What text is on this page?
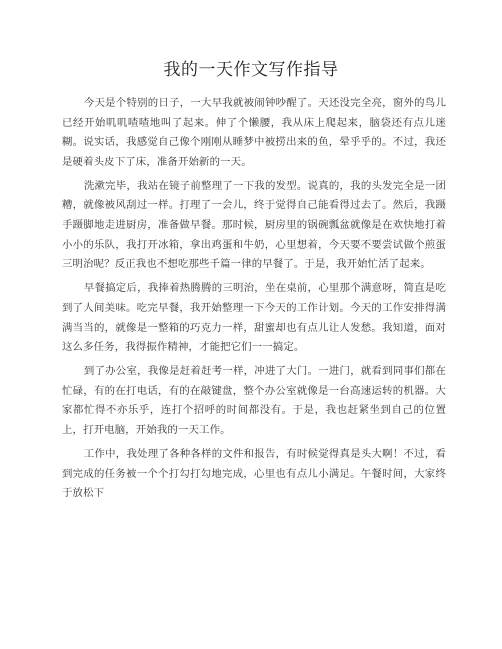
我的一天作文写作指导

今天是个特别的日子，一大早我就被闹钟吵醒了。天还没完全亮，窗外的鸟儿已经开始叽叽喳喳地叫了起来。伸了个懒腰，我从床上爬起来，脑袋还有点儿迷糊。说实话，我感觉自己像个刚刚从睡梦中被捞出来的鱼，晕乎乎的。不过，我还是硬着头皮下了床，准备开始新的一天。

洗漱完毕，我站在镜子前整理了一下我的发型。说真的，我的头发完全是一团糟，就像被风刮过一样。打理了一会儿，终于觉得自己能看得过去了。然后，我蹑手蹑脚地走进厨房，准备做早餐。那时候，厨房里的锅碗瓢盆就像是在欢快地打着小小的乐队，我打开冰箱，拿出鸡蛋和牛奶，心里想着，今天要不要尝试做个煎蛋三明治呢？反正我也不想吃那些千篇一律的早餐了。于是，我开始忙活了起来。

早餐搞定后，我捧着热腾腾的三明治，坐在桌前，心里那个满意呀，简直是吃到了人间美味。吃完早餐，我开始整理一下今天的工作计划。今天的工作安排得满满当当的，就像是一整箱的巧克力一样，甜蜜却也有点儿让人发愁。我知道，面对这么多任务，我得振作精神，才能把它们一一搞定。

到了办公室，我像是赶着赶考一样，冲进了大门。一进门，就看到同事们都在忙碌，有的在打电话，有的在敲键盘，整个办公室就像是一台高速运转的机器。大家都忙得不亦乐乎，连打个招呼的时间都没有。于是，我也赶紧坐到自己的位置上，打开电脑，开始我的一天工作。

工作中，我处理了各种各样的文件和报告，有时候觉得真是头大啊！不过，看到完成的任务被一个个打勾打勾地完成，心里也有点儿小满足。午餐时间，大家终于放松下
